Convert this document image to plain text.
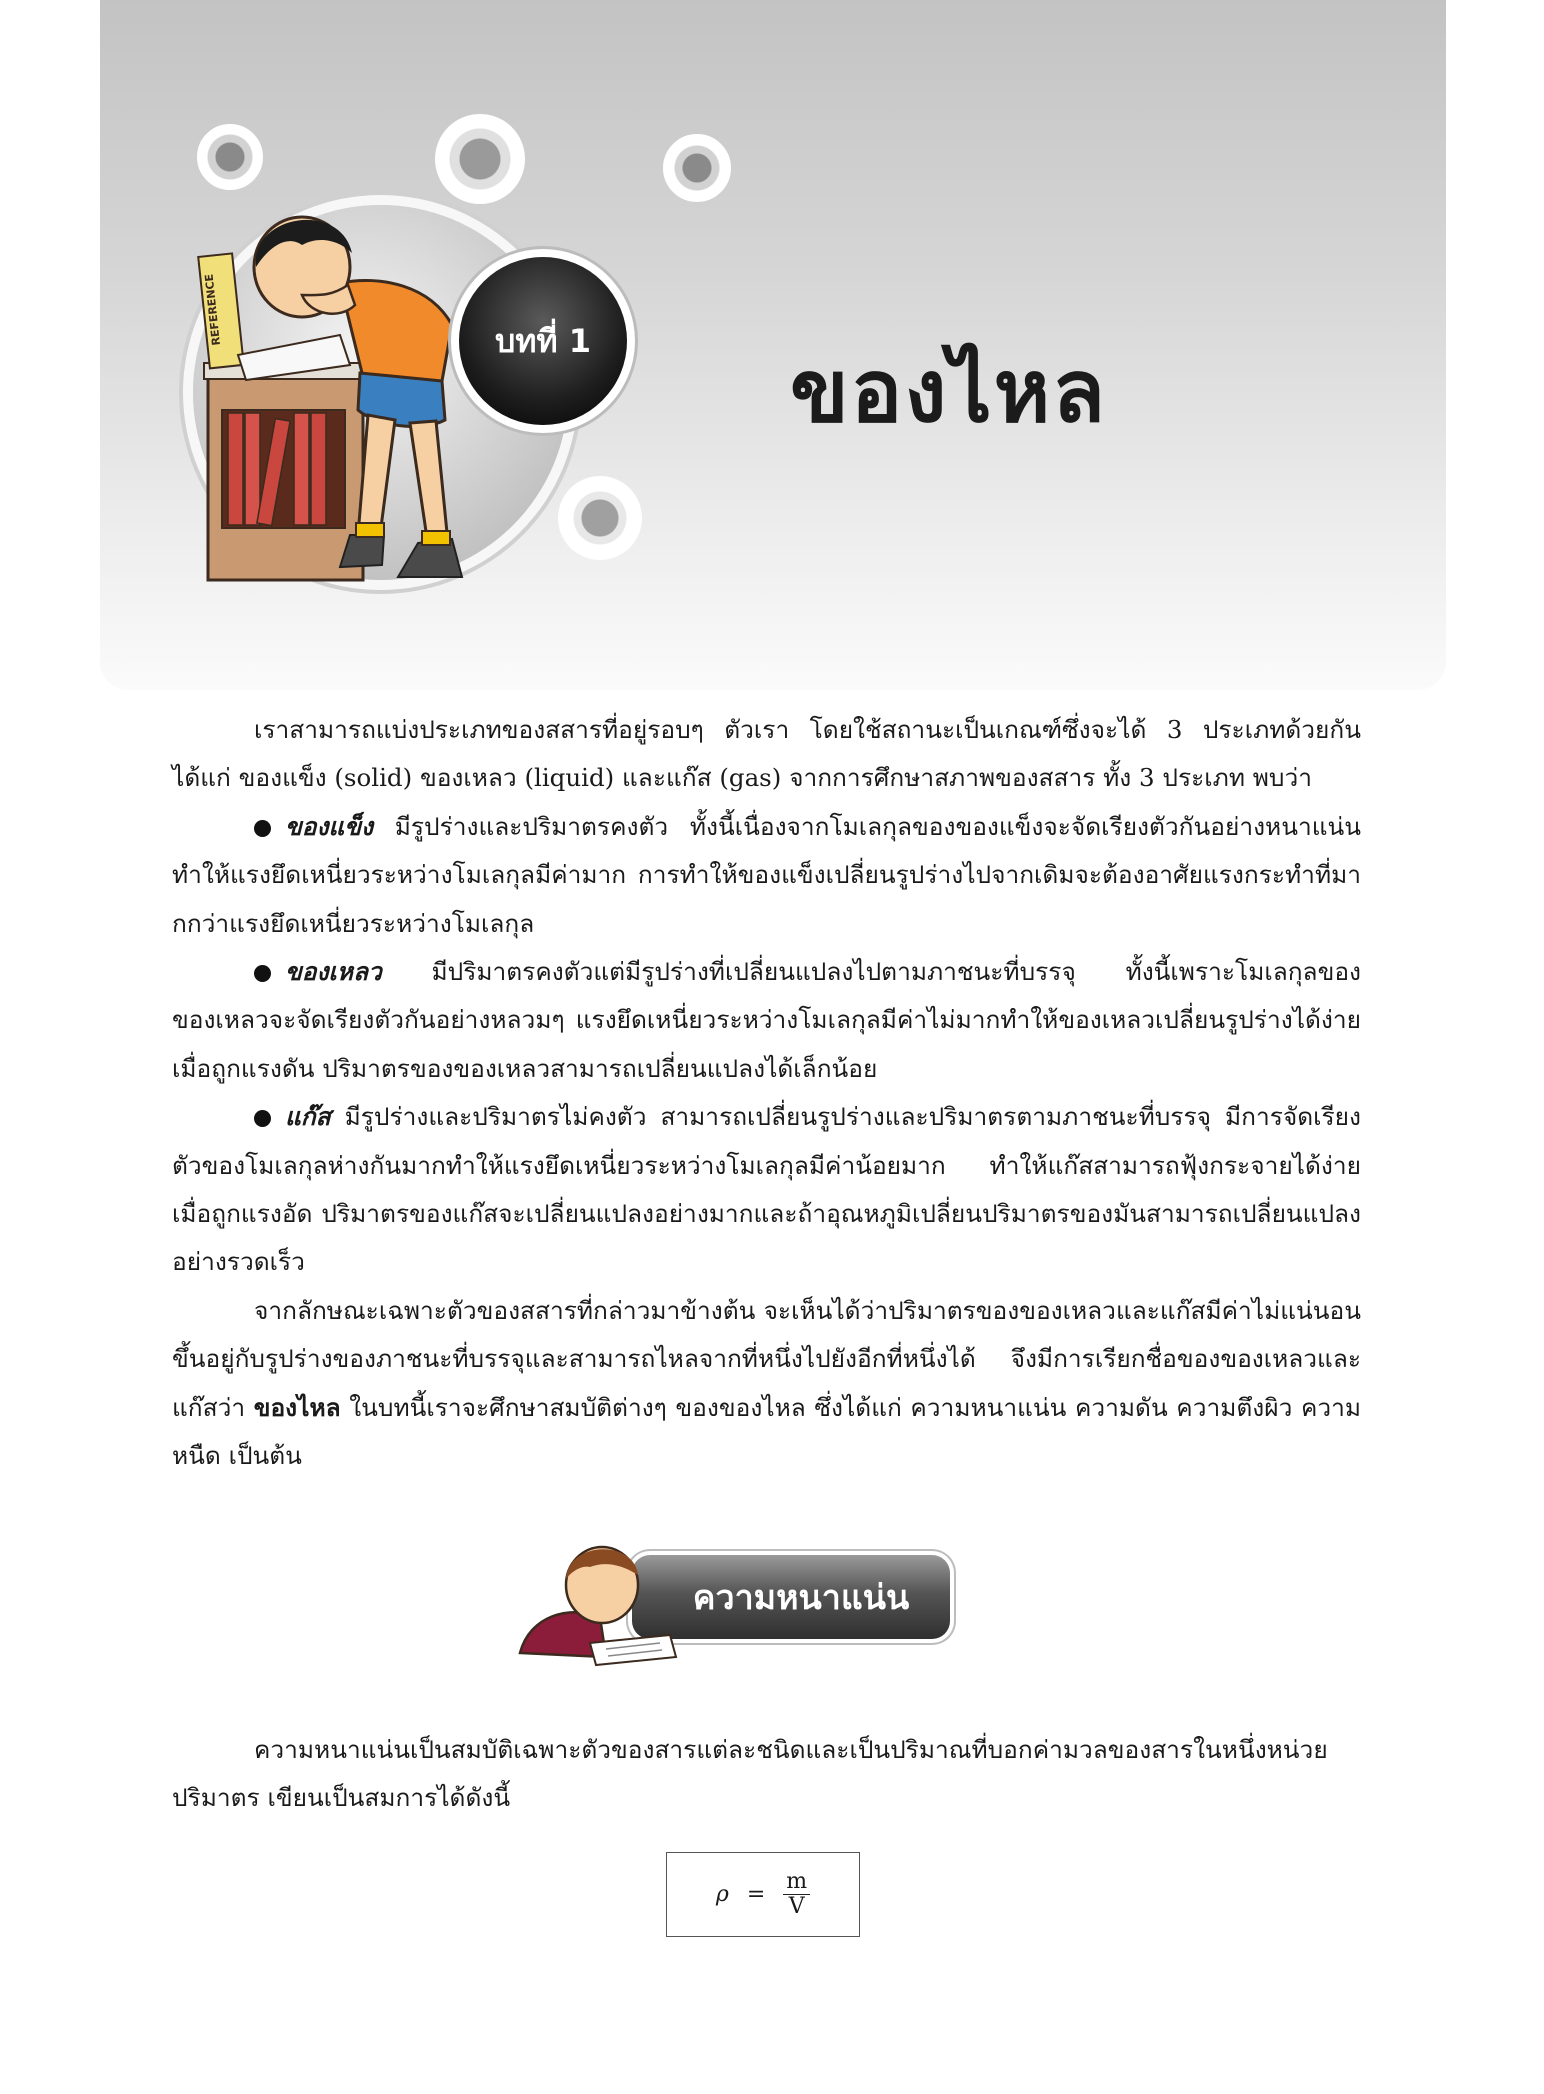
REFERENCE	บทที่ 1
ของไหล

เราสามารถแบ่งประเภทของสสารที่อยู่รอบๆ ตัวเรา โดยใช้สถานะเป็นเกณฑ์ซึ่งจะได้ 3 ประเภทด้วยกัน ได้แก่ ของแข็ง (solid) ของเหลว (liquid) และแก๊ส (gas) จากการศึกษาสภาพของสสาร ทั้ง 3 ประเภท พบว่า

ของแข็ง มีรูปร่างและปริมาตรคงตัว ทั้งนี้เนื่องจากโมเลกุลของของแข็งจะจัดเรียงตัวกันอย่างหนาแน่น ทำให้แรงยึดเหนี่ยวระหว่างโมเลกุลมีค่ามาก การทำให้ของแข็งเปลี่ยนรูปร่างไปจากเดิมจะต้องอาศัยแรงกระทำที่มากกว่าแรงยึดเหนี่ยวระหว่างโมเลกุล

ของเหลว มีปริมาตรคงตัวแต่มีรูปร่างที่เปลี่ยนแปลงไปตามภาชนะที่บรรจุ ทั้งนี้เพราะโมเลกุลของของเหลวจะจัดเรียงตัวกันอย่างหลวมๆ แรงยึดเหนี่ยวระหว่างโมเลกุลมีค่าไม่มากทำให้ของเหลวเปลี่ยนรูปร่างได้ง่าย เมื่อถูกแรงดัน ปริมาตรของของเหลวสามารถเปลี่ยนแปลงได้เล็กน้อย

แก๊ส มีรูปร่างและปริมาตรไม่คงตัว สามารถเปลี่ยนรูปร่างและปริมาตรตามภาชนะที่บรรจุ มีการจัดเรียงตัวของโมเลกุลห่างกันมากทำให้แรงยึดเหนี่ยวระหว่างโมเลกุลมีค่าน้อยมาก ทำให้แก๊สสามารถฟุ้งกระจายได้ง่าย เมื่อถูกแรงอัด ปริมาตรของแก๊สจะเปลี่ยนแปลงอย่างมากและถ้าอุณหภูมิเปลี่ยนปริมาตรของมันสามารถเปลี่ยนแปลงอย่างรวดเร็ว

จากลักษณะเฉพาะตัวของสสารที่กล่าวมาข้างต้น จะเห็นได้ว่าปริมาตรของของเหลวและแก๊สมีค่าไม่แน่นอนขึ้นอยู่กับรูปร่างของภาชนะที่บรรจุและสามารถไหลจากที่หนึ่งไปยังอีกที่หนึ่งได้ จึงมีการเรียกชื่อของของเหลวและแก๊สว่า ของไหล ในบทนี้เราจะศึกษาสมบัติต่างๆ ของของไหล ซึ่งได้แก่ ความหนาแน่น ความดัน ความตึงผิว ความหนืด เป็นต้น

ความหนาแน่น

ความหนาแน่นเป็นสมบัติเฉพาะตัวของสารแต่ละชนิดและเป็นปริมาณที่บอกค่ามวลของสารในหนึ่งหน่วยปริมาตร เขียนเป็นสมการได้ดังนี้

$\rho = \frac{m}{V}$
